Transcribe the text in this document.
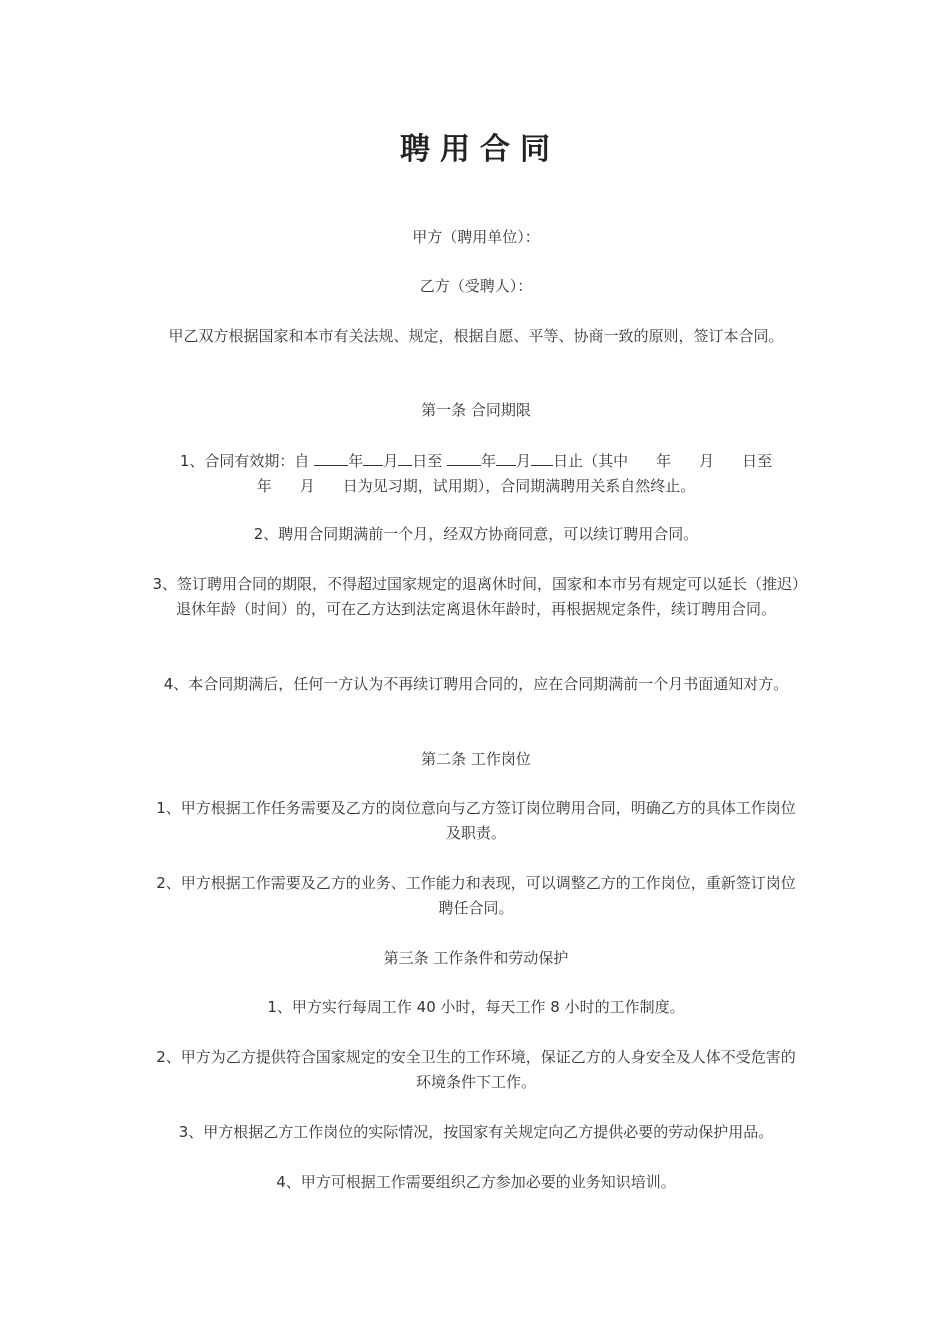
聘用合同

甲方（聘用单位）：

乙方（受聘人）：

甲乙双方根据国家和本市有关法规、规定，根据自愿、平等、协商一致的原则，签订本合同。

第一条 合同期限

1、合同有效期：自	年 月 日至	年 月 日止（其中 年 月 日至
年 月 日为见习期，试用期），合同期满聘用关系自然终止。

2、聘用合同期满前一个月，经双方协商同意，可以续订聘用合同。

3、签订聘用合同的期限，不得超过国家规定的退离休时间，国家和本市另有规定可以延长（推迟）退休年龄（时间）的，可在乙方达到法定离退休年龄时，再根据规定条件，续订聘用合同。

4、本合同期满后，任何一方认为不再续订聘用合同的，应在合同期满前一个月书面通知对方。

第二条 工作岗位

1、甲方根据工作任务需要及乙方的岗位意向与乙方签订岗位聘用合同，明确乙方的具体工作岗位及职责。

2、甲方根据工作需要及乙方的业务、工作能力和表现，可以调整乙方的工作岗位，重新签订岗位聘任合同。

第三条 工作条件和劳动保护

1、甲方实行每周工作 40 小时，每天工作 8 小时的工作制度。

2、甲方为乙方提供符合国家规定的安全卫生的工作环境，保证乙方的人身安全及人体不受危害的环境条件下工作。

3、甲方根据乙方工作岗位的实际情况，按国家有关规定向乙方提供必要的劳动保护用品。

4、甲方可根据工作需要组织乙方参加必要的业务知识培训。
